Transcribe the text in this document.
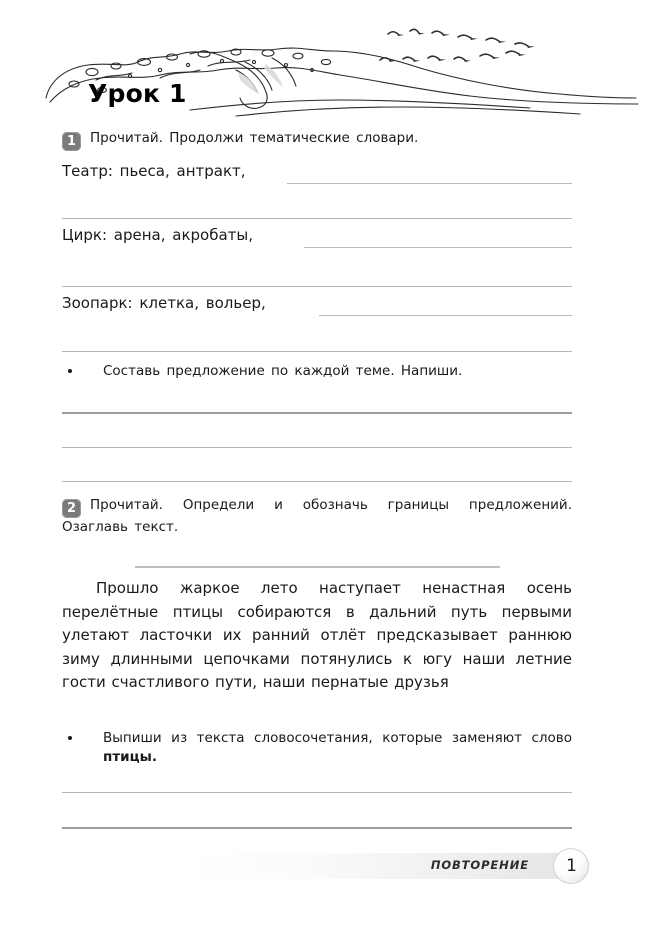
Урок 1
1 Прочитай. Продолжи тематические словари.
Театр: пьеса, антракт,
Цирк: арена, акробаты,
Зоопарк: клетка, вольер,
Составь предложение по каждой теме. Напиши.
2 Прочитай. Определи и обозначь границы предложений. Озаглавь текст.
Прошло жаркое лето наступает ненастная осень перелётные птицы собираются в дальний путь первыми улетают ласточки их ранний отлёт предсказывает раннюю зиму длинными цепочками потянулись к югу наши летние гости счастливого пути, наши пернатые друзья
Выпиши из текста словосочетания, которые заменяют слово птицы.
ПОВТОРЕНИЕ	1
